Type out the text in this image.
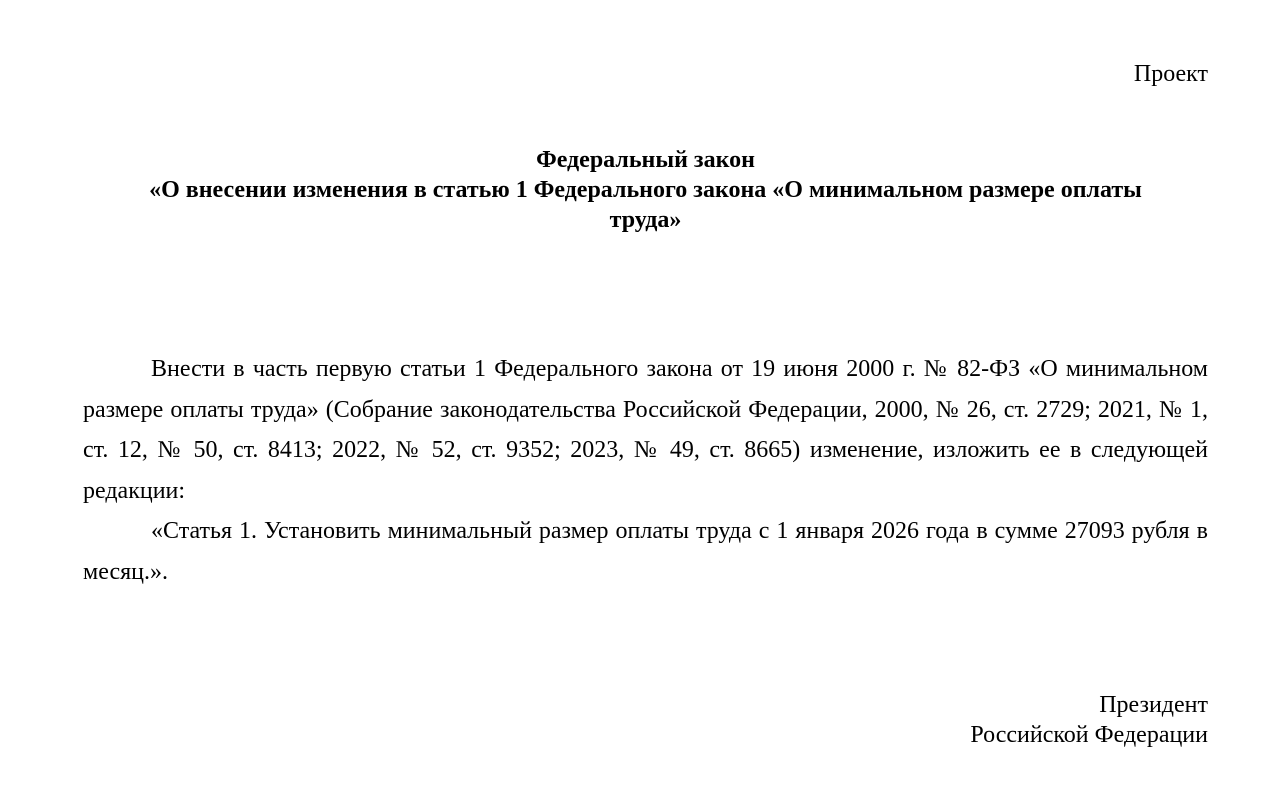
Проект
Федеральный закон
«О внесении изменения в статью 1 Федерального закона «О минимальном размере оплаты
труда»

Внести в часть первую статьи 1 Федерального закона от 19 июня 2000 г. № 82-ФЗ «О минимальном размере оплаты труда» (Собрание законодательства Российской Федерации, 2000, № 26, ст. 2729; 2021, № 1, ст. 12, № 50, ст. 8413; 2022, № 52, ст. 9352; 2023, № 49, ст. 8665) изменение, изложить ее в следующей редакции:

«Статья 1. Установить минимальный размер оплаты труда с 1 января 2026 года в сумме 27093 рубля в месяц.».

Президент
Российской Федерации
